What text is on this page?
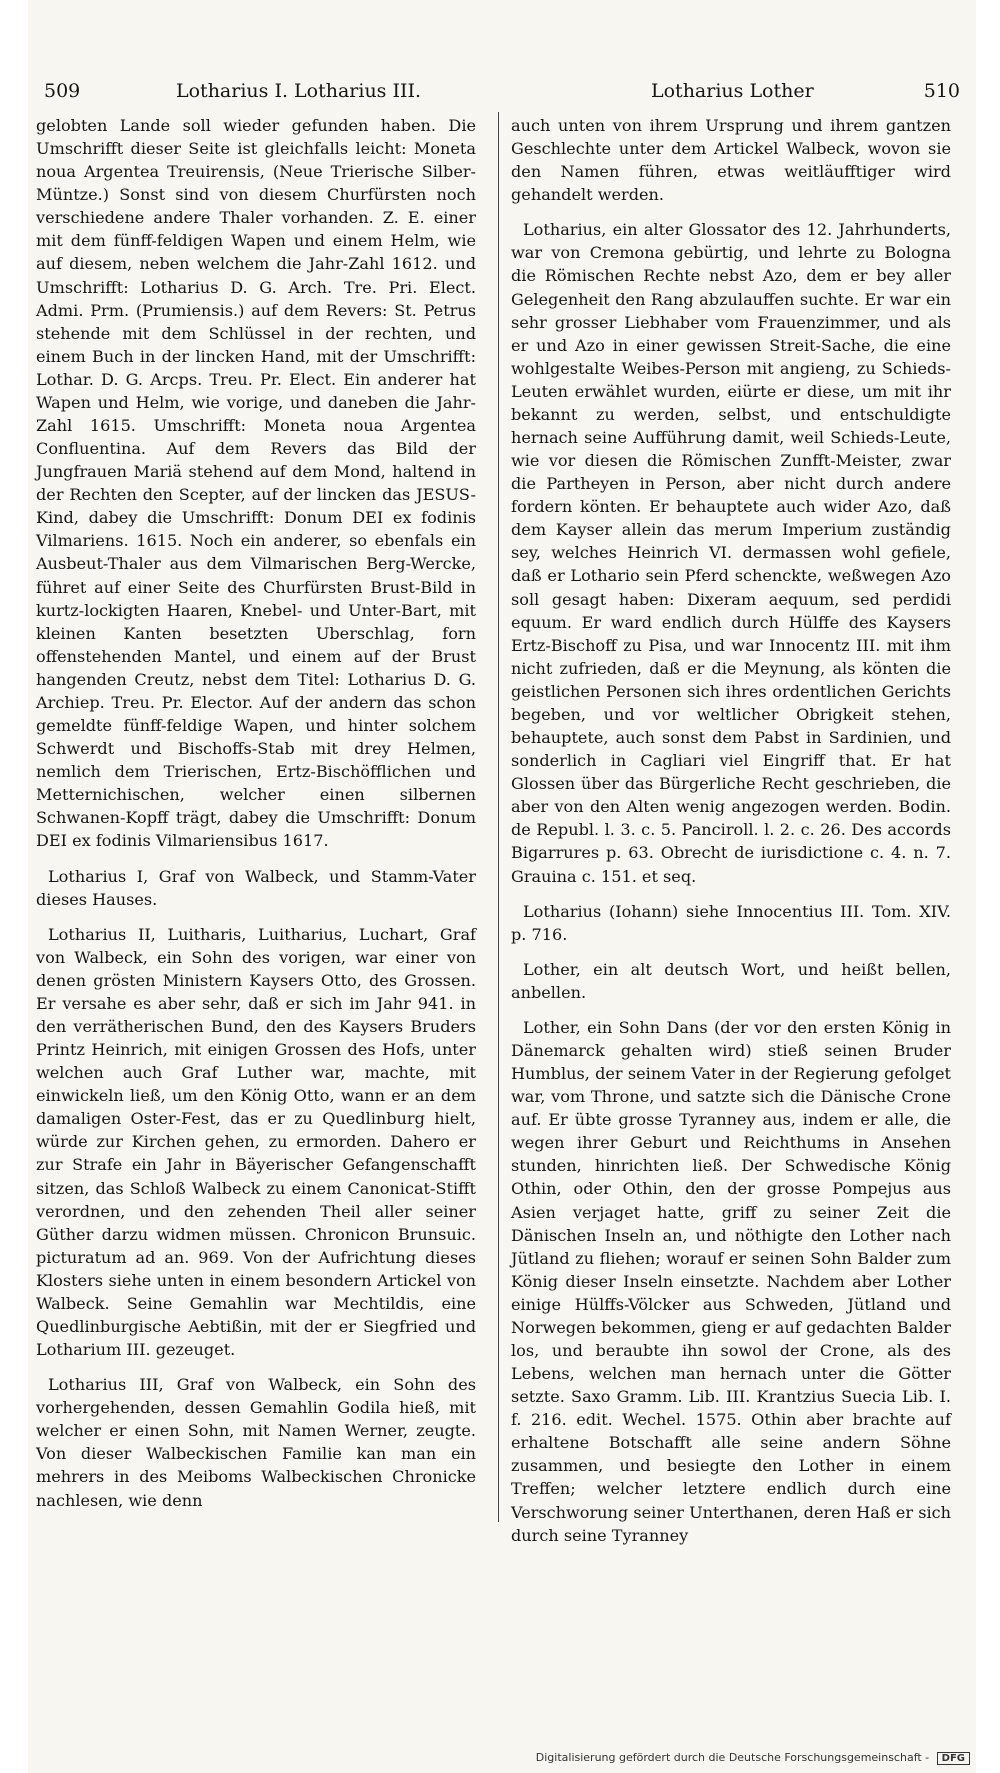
509	Lotharius I. Lotharius III.	Lotharius Lother	510

gelobten Lande soll wieder gefunden haben. Die Umschrifft dieser Seite ist gleichfalls leicht: Moneta noua Argentea Treuirensis, (Neue Trierische Silber-Müntze.) Sonst sind von diesem Churfürsten noch verschiedene andere Thaler vorhanden. Z. E. einer mit dem fünff-feldigen Wapen und einem Helm, wie auf diesem, neben welchem die Jahr-Zahl 1612. und Umschrifft: Lotharius D. G. Arch. Tre. Pri. Elect. Admi. Prm. (Prumiensis.) auf dem Revers: St. Petrus stehende mit dem Schlüssel in der rechten, und einem Buch in der lincken Hand, mit der Umschrifft: Lothar. D. G. Arcps. Treu. Pr. Elect. Ein anderer hat Wapen und Helm, wie vorige, und daneben die Jahr-Zahl 1615. Umschrifft: Moneta noua Argentea Confluentina. Auf dem Revers das Bild der Jungfrauen Mariä stehend auf dem Mond, haltend in der Rechten den Scepter, auf der lincken das JESUS-Kind, dabey die Umschrifft: Donum DEI ex fodinis Vilmariens. 1615. Noch ein anderer, so ebenfals ein Ausbeut-Thaler aus dem Vilmarischen Berg-Wercke, führet auf einer Seite des Churfürsten Brust-Bild in kurtz-lockigten Haaren, Knebel- und Unter-Bart, mit kleinen Kanten besetzten Uberschlag, forn offenstehenden Mantel, und einem auf der Brust hangenden Creutz, nebst dem Titel: Lotharius D. G. Archiep. Treu. Pr. Elector. Auf der andern das schon gemeldte fünff-feldige Wapen, und hinter solchem Schwerdt und Bischoffs-Stab mit drey Helmen, nemlich dem Trierischen, Ertz-Bischöfflichen und Metternichischen, welcher einen silbernen Schwanen-Kopff trägt, dabey die Umschrifft: Donum DEI ex fodinis Vilmariensibus 1617.

Lotharius I, Graf von Walbeck, und Stamm-Vater dieses Hauses.

Lotharius II, Luitharis, Luitharius, Luchart, Graf von Walbeck, ein Sohn des vorigen, war einer von denen grösten Ministern Kaysers Otto, des Grossen. Er versahe es aber sehr, daß er sich im Jahr 941. in den verrätherischen Bund, den des Kaysers Bruders Printz Heinrich, mit einigen Grossen des Hofs, unter welchen auch Graf Luther war, machte, mit einwickeln ließ, um den König Otto, wann er an dem damaligen Oster-Fest, das er zu Quedlinburg hielt, würde zur Kirchen gehen, zu ermorden. Dahero er zur Strafe ein Jahr in Bäyerischer Gefangenschafft sitzen, das Schloß Walbeck zu einem Canonicat-Stifft verordnen, und den zehenden Theil aller seiner Güther darzu widmen müssen. Chronicon Brunsuic. picturatum ad an. 969. Von der Aufrichtung dieses Klosters siehe unten in einem besondern Artickel von Walbeck. Seine Gemahlin war Mechtildis, eine Quedlinburgische Aebtißin, mit der er Siegfried und Lotharium III. gezeuget.

Lotharius III, Graf von Walbeck, ein Sohn des vorhergehenden, dessen Gemahlin Godila hieß, mit welcher er einen Sohn, mit Namen Werner, zeugte. Von dieser Walbeckischen Familie kan man ein mehrers in des Meiboms Walbeckischen Chronicke nachlesen, wie denn

auch unten von ihrem Ursprung und ihrem gantzen Geschlechte unter dem Artickel Walbeck, wovon sie den Namen führen, etwas weitläufftiger wird gehandelt werden.

Lotharius, ein alter Glossator des 12. Jahrhunderts, war von Cremona gebürtig, und lehrte zu Bologna die Römischen Rechte nebst Azo, dem er bey aller Gelegenheit den Rang abzulauffen suchte. Er war ein sehr grosser Liebhaber vom Frauenzimmer, und als er und Azo in einer gewissen Streit-Sache, die eine wohlgestalte Weibes-Person mit angieng, zu Schieds-Leuten erwählet wurden, eiürte er diese, um mit ihr bekannt zu werden, selbst, und entschuldigte hernach seine Aufführung damit, weil Schieds-Leute, wie vor diesen die Römischen Zunfft-Meister, zwar die Partheyen in Person, aber nicht durch andere fordern könten. Er behauptete auch wider Azo, daß dem Kayser allein das merum Imperium zuständig sey, welches Heinrich VI. dermassen wohl gefiele, daß er Lothario sein Pferd schenckte, weßwegen Azo soll gesagt haben: Dixeram aequum, sed perdidi equum. Er ward endlich durch Hülffe des Kaysers Ertz-Bischoff zu Pisa, und war Innocentz III. mit ihm nicht zufrieden, daß er die Meynung, als könten die geistlichen Personen sich ihres ordentlichen Gerichts begeben, und vor weltlicher Obrigkeit stehen, behauptete, auch sonst dem Pabst in Sardinien, und sonderlich in Cagliari viel Eingriff that. Er hat Glossen über das Bürgerliche Recht geschrieben, die aber von den Alten wenig angezogen werden. Bodin. de Republ. l. 3. c. 5. Panciroll. l. 2. c. 26. Des accords Bigarrures p. 63. Obrecht de iurisdictione c. 4. n. 7. Grauina c. 151. et seq.

Lotharius (Iohann) siehe Innocentius III. Tom. XIV. p. 716.

Lother, ein alt deutsch Wort, und heißt bellen, anbellen.

Lother, ein Sohn Dans (der vor den ersten König in Dänemarck gehalten wird) stieß seinen Bruder Humblus, der seinem Vater in der Regierung gefolget war, vom Throne, und satzte sich die Dänische Crone auf. Er übte grosse Tyranney aus, indem er alle, die wegen ihrer Geburt und Reichthums in Ansehen stunden, hinrichten ließ. Der Schwedische König Othin, oder Othin, den der grosse Pompejus aus Asien verjaget hatte, griff zu seiner Zeit die Dänischen Inseln an, und nöthigte den Lother nach Jütland zu fliehen; worauf er seinen Sohn Balder zum König dieser Inseln einsetzte. Nachdem aber Lother einige Hülffs-Völcker aus Schweden, Jütland und Norwegen bekommen, gieng er auf gedachten Balder los, und beraubte ihn sowol der Crone, als des Lebens, welchen man hernach unter die Götter setzte. Saxo Gramm. Lib. III. Krantzius Suecia Lib. I. f. 216. edit. Wechel. 1575. Othin aber brachte auf erhaltene Botschafft alle seine andern Söhne zusammen, und besiegte den Lother in einem Treffen; welcher letztere endlich durch eine Verschworung seiner Unterthanen, deren Haß er sich durch seine Tyranney

Digitalisierung gefördert durch die Deutsche Forschungsgemeinschaft - DFG
